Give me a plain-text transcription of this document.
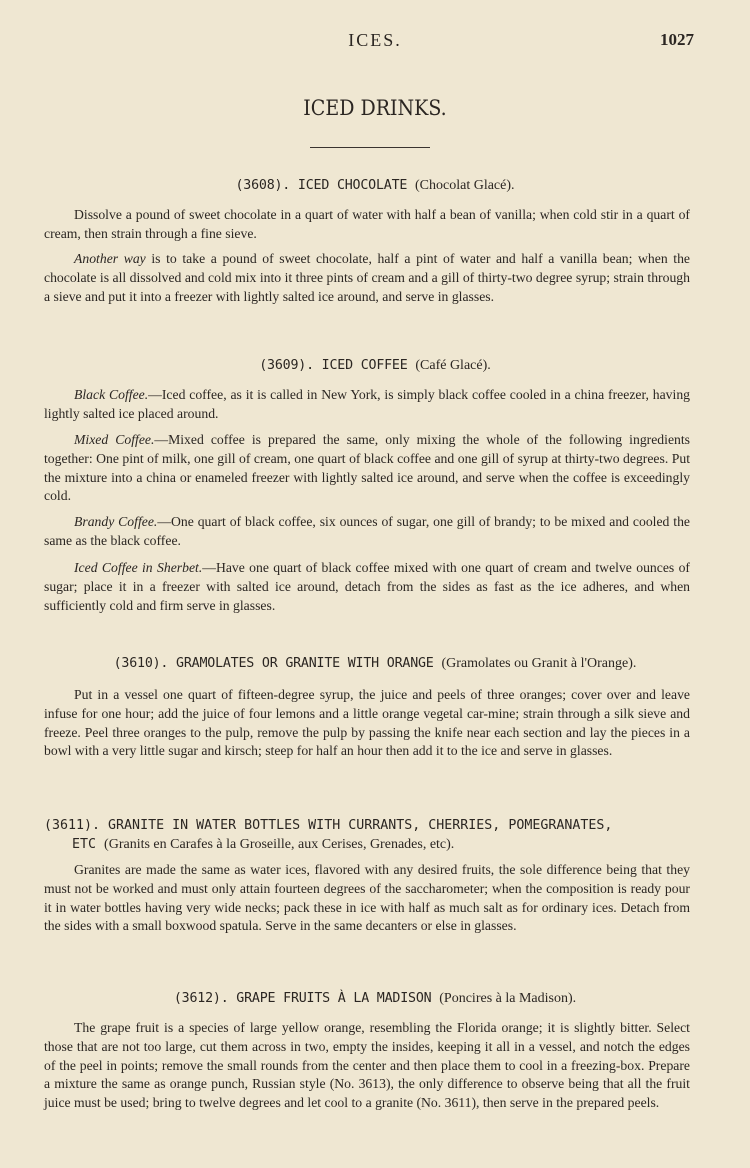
ICES.	1027
ICED DRINKS.
(3608). ICED CHOCOLATE (Chocolat Glacé).

Dissolve a pound of sweet chocolate in a quart of water with half a bean of vanilla; when cold stir in a quart of cream, then strain through a fine sieve.

Another way is to take a pound of sweet chocolate, half a pint of water and half a vanilla bean; when the chocolate is all dissolved and cold mix into it three pints of cream and a gill of thirty-two degree syrup; strain through a sieve and put it into a freezer with lightly salted ice around, and serve in glasses.

(3609). ICED COFFEE (Café Glacé).

Black Coffee.—Iced coffee, as it is called in New York, is simply black coffee cooled in a china freezer, having lightly salted ice placed around.

Mixed Coffee.—Mixed coffee is prepared the same, only mixing the whole of the following ingredients together: One pint of milk, one gill of cream, one quart of black coffee and one gill of syrup at thirty-two degrees. Put the mixture into a china or enameled freezer with lightly salted ice around, and serve when the coffee is exceedingly cold.

Brandy Coffee.—One quart of black coffee, six ounces of sugar, one gill of brandy; to be mixed and cooled the same as the black coffee.

Iced Coffee in Sherbet.—Have one quart of black coffee mixed with one quart of cream and twelve ounces of sugar; place it in a freezer with salted ice around, detach from the sides as fast as the ice adheres, and when sufficiently cold and firm serve in glasses.

(3610). GRAMOLATES OR GRANITE WITH ORANGE (Gramolates ou Granit à l'Orange).

Put in a vessel one quart of fifteen-degree syrup, the juice and peels of three oranges; cover over and leave infuse for one hour; add the juice of four lemons and a little orange vegetal car-mine; strain through a silk sieve and freeze. Peel three oranges to the pulp, remove the pulp by passing the knife near each section and lay the pieces in a bowl with a very little sugar and kirsch; steep for half an hour then add it to the ice and serve in glasses.

(3611). GRANITE IN WATER BOTTLES WITH CURRANTS, CHERRIES, POMEGRANATES,
ETC (Granits en Carafes à la Groseille, aux Cerises, Grenades, etc).

Granites are made the same as water ices, flavored with any desired fruits, the sole difference being that they must not be worked and must only attain fourteen degrees of the saccharometer; when the composition is ready pour it in water bottles having very wide necks; pack these in ice with half as much salt as for ordinary ices. Detach from the sides with a small boxwood spatula. Serve in the same decanters or else in glasses.

(3612). GRAPE FRUITS À LA MADISON (Poncires à la Madison).

The grape fruit is a species of large yellow orange, resembling the Florida orange; it is slightly bitter. Select those that are not too large, cut them across in two, empty the insides, keeping it all in a vessel, and notch the edges of the peel in points; remove the small rounds from the center and then place them to cool in a freezing-box. Prepare a mixture the same as orange punch, Russian style (No. 3613), the only difference to observe being that all the fruit juice must be used; bring to twelve degrees and let cool to a granite (No. 3611), then serve in the prepared peels.
